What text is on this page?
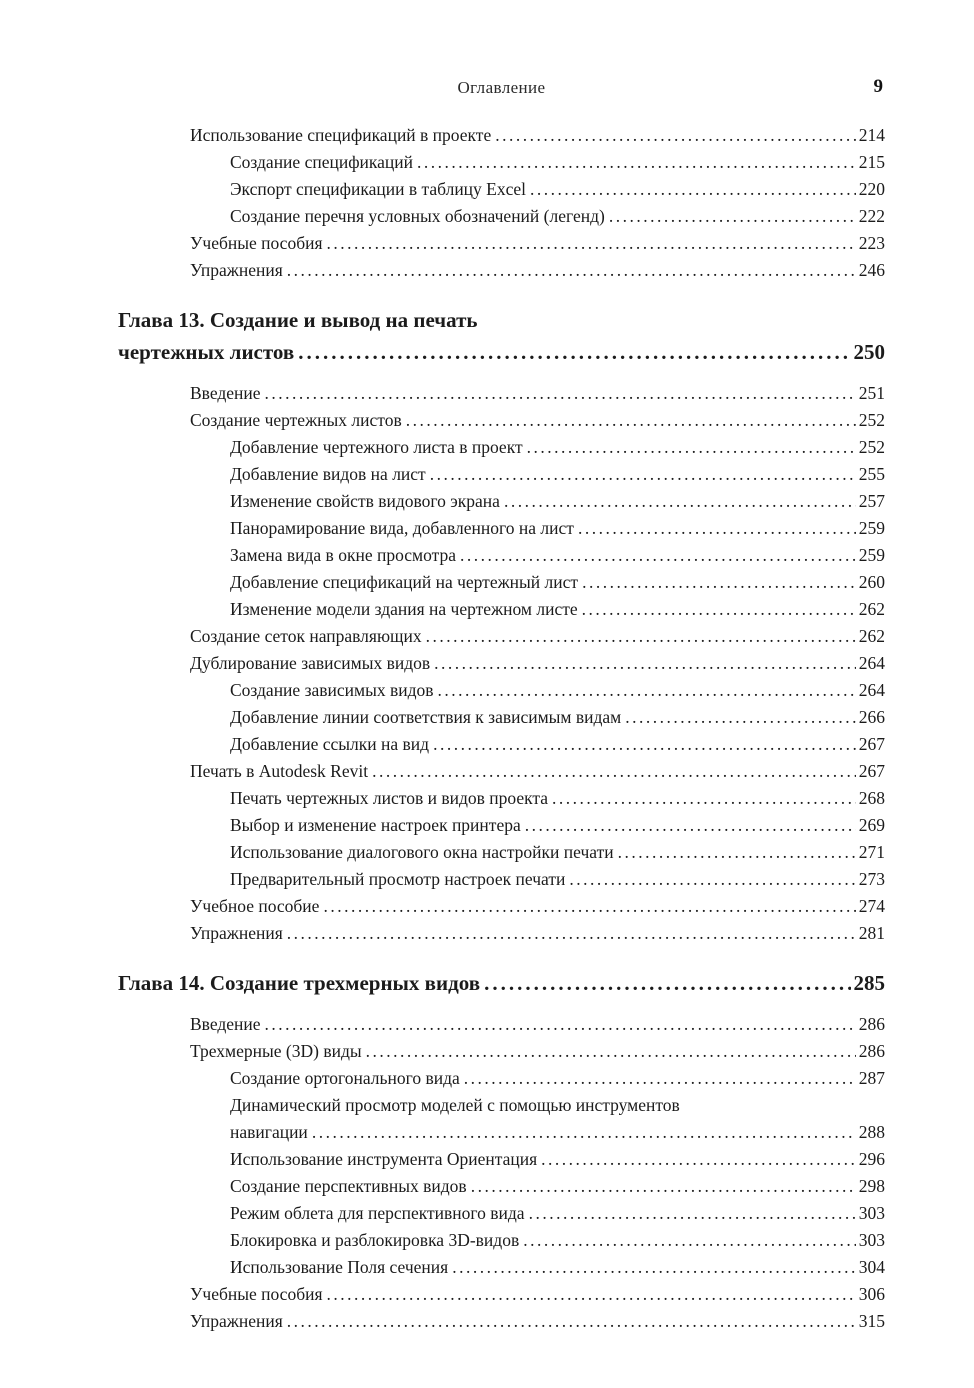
Оглавление	9
Использование спецификаций в проекте .....	214
Создание спецификаций .....	215
Экспорт спецификации в таблицу Excel .....	220
Создание перечня условных обозначений (легенд) .....	222
Учебные пособия .....	223
Упражнения .....	246
Глава 13. Создание и вывод на печать
чертежных листов .....	250
Введение .....	251
Создание чертежных листов .....	252
Добавление чертежного листа в проект .....	252
Добавление видов на лист .....	255
Изменение свойств видового экрана .....	257
Панорамирование вида, добавленного на лист .....	259
Замена вида в окне просмотра .....	259
Добавление спецификаций на чертежный лист .....	260
Изменение модели здания на чертежном листе .....	262
Создание сеток направляющих .....	262
Дублирование зависимых видов .....	264
Создание зависимых видов .....	264
Добавление линии соответствия к зависимым видам .....	266
Добавление ссылки на вид .....	267
Печать в Autodesk Revit .....	267
Печать чертежных листов и видов проекта .....	268
Выбор и изменение настроек принтера .....	269
Использование диалогового окна настройки печати .....	271
Предварительный просмотр настроек печати .....	273
Учебное пособие .....	274
Упражнения .....	281
Глава 14. Создание трехмерных видов .....	285
Введение .....	286
Трехмерные (3D) виды .....	286
Создание ортогонального вида .....	287
Динамический просмотр моделей с помощью инструментов
навигации .....	288
Использование инструмента Ориентация .....	296
Создание перспективных видов .....	298
Режим облета для перспективного вида .....	303
Блокировка и разблокировка 3D-видов .....	303
Использование Поля сечения .....	304
Учебные пособия .....	306
Упражнения .....	315
